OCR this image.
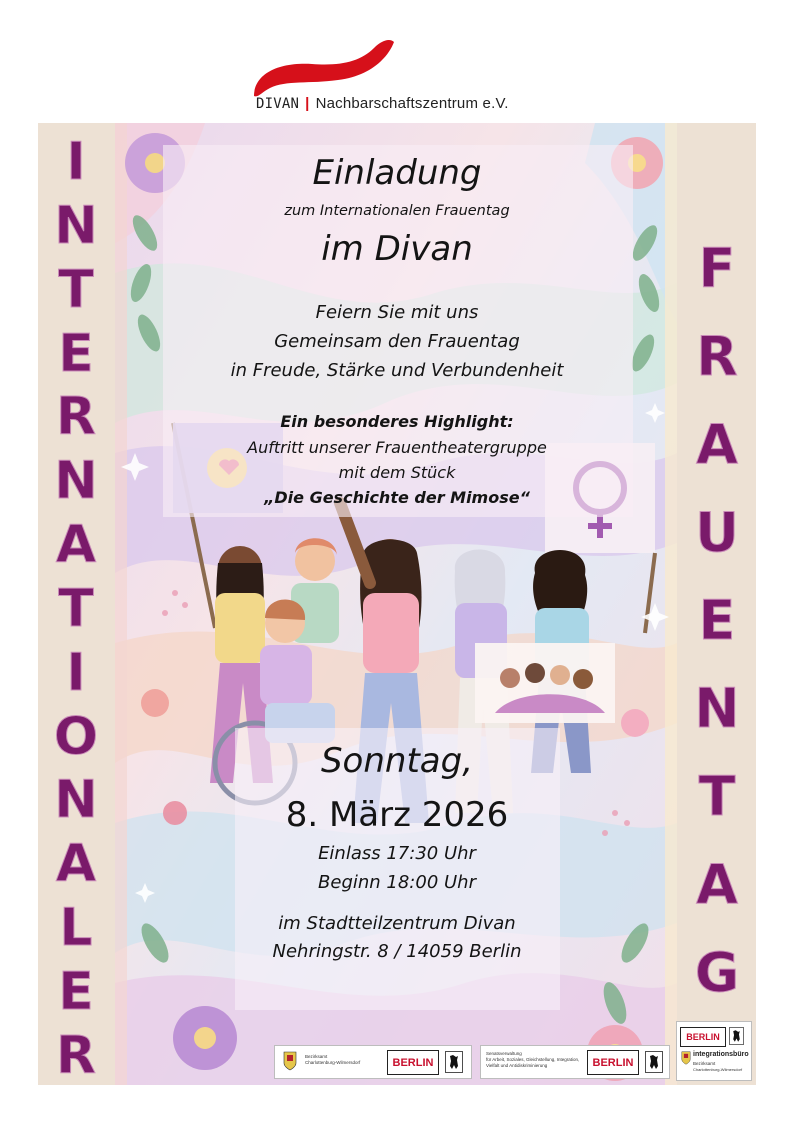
DIVAN | Nachbarschaftszentrum e.V.
I
N
T
E
R
N
A
T
I
O
N
A
L
E
R
F
R
A
U
E
N
T
A
G
Bezirksamt
Charlottenburg-Wilmersdorf	BERLIN
Senatsverwaltung
für Arbeit, Soziales, Gleichstellung, Integration,
Vielfalt und Antidiskriminierung	BERLIN
BERLIN
integrationsbüro
Bezirksamt
Charlottenburg-Wilmersdorf
Einladung
zum Internationalen Frauentag
im Divan
Feiern Sie mit uns
Gemeinsam den Frauentag
in Freude, Stärke und Verbundenheit
Ein besonderes Highlight:
Auftritt unserer Frauentheatergruppe
mit dem Stück
„Die Geschichte der Mimose“
Sonntag,
8. März 2026
Einlass 17:30 Uhr
Beginn 18:00 Uhr
im Stadtteilzentrum Divan
Nehringstr. 8 / 14059 Berlin
